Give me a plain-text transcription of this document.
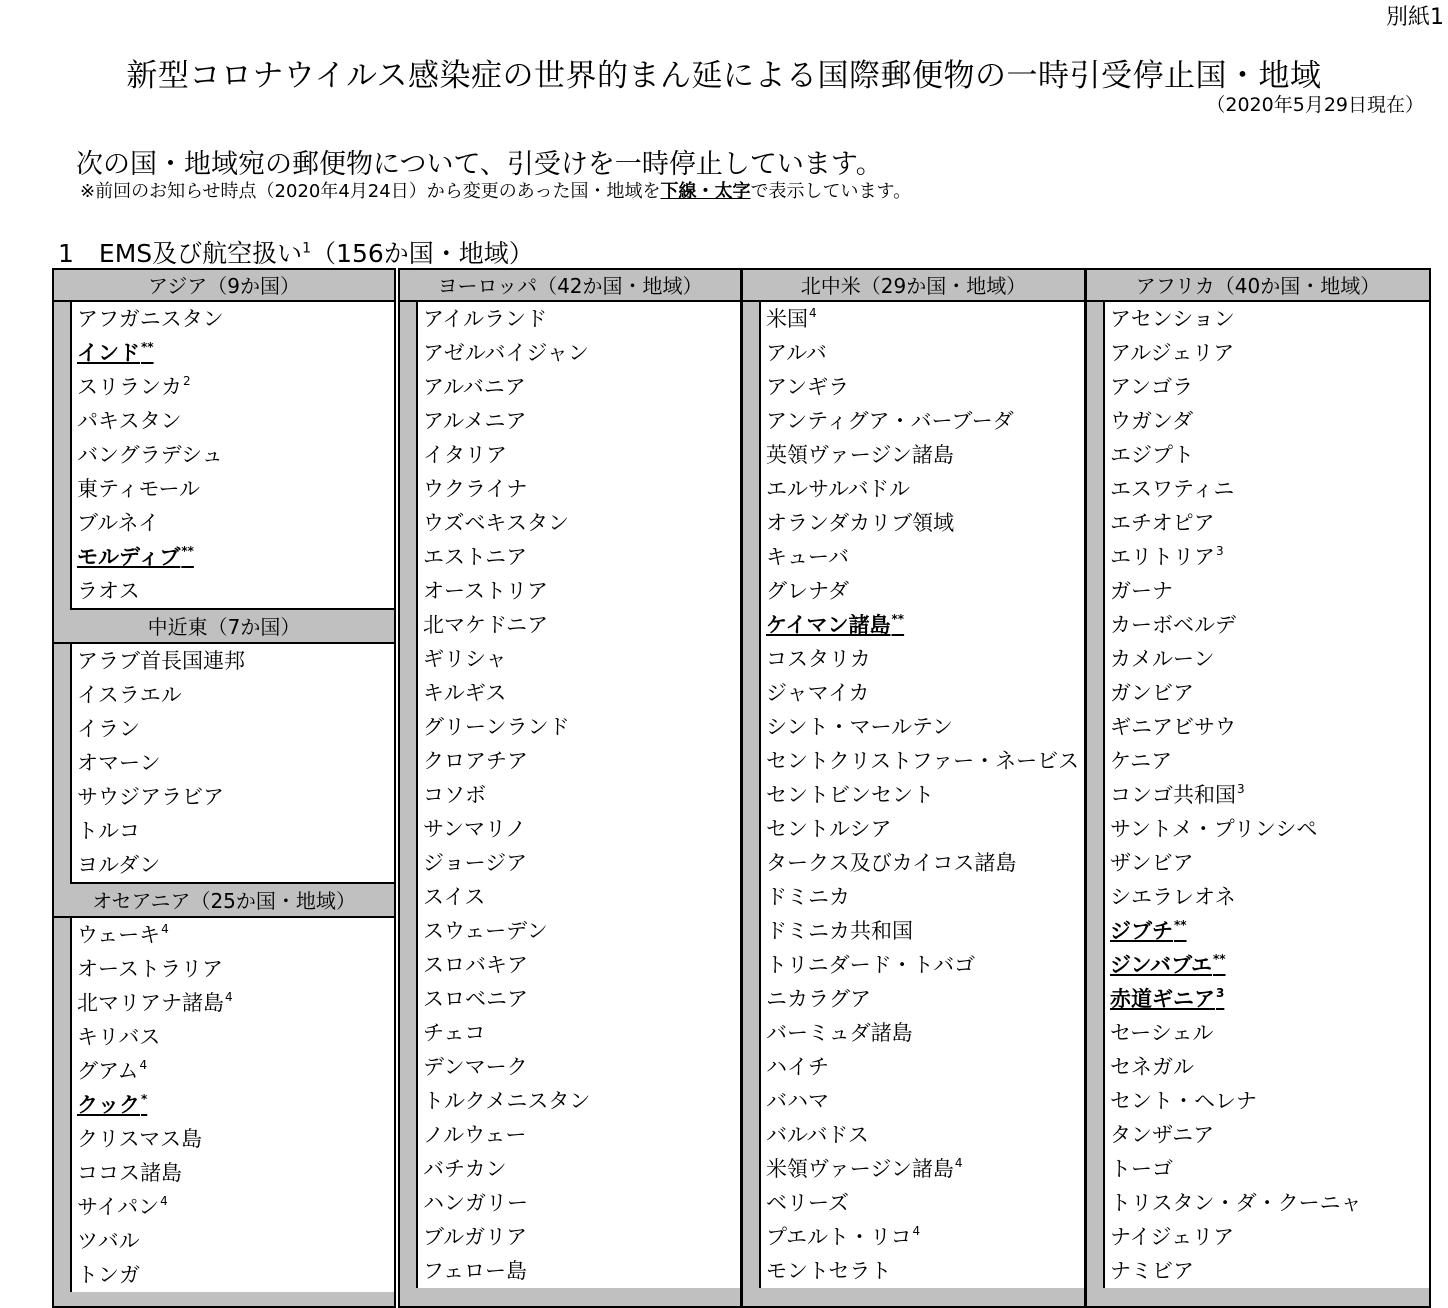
別紙1
新型コロナウイルス感染症の世界的まん延による国際郵便物の一時引受停止国・地域
（2020年5月29日現在）
次の国・地域宛の郵便物について、引受けを一時停止しています。
※前回のお知らせ時点（2020年4月24日）から変更のあった国・地域を下線・太字で表示しています。
1　EMS及び航空扱い$^1$（156か国・地域）
アジア（9か国）
アフガニスタン
インド**
スリランカ$^2$
パキスタン
バングラデシュ
東ティモール
ブルネイ
モルディブ**
ラオス
中近東（7か国）
アラブ首長国連邦
イスラエル
イラン
オマーン
サウジアラビア
トルコ
ヨルダン
オセアニア（25か国・地域）
ウェーキ$^4$
オーストラリア
北マリアナ諸島$^4$
キリバス
グアム$^4$
クック*
クリスマス島
ココス諸島
サイパン$^4$
ツバル
トンガ
ヨーロッパ（42か国・地域）
アイルランド
アゼルバイジャン
アルバニア
アルメニア
イタリア
ウクライナ
ウズベキスタン
エストニア
オーストリア
北マケドニア
ギリシャ
キルギス
グリーンランド
クロアチア
コソボ
サンマリノ
ジョージア
スイス
スウェーデン
スロバキア
スロベニア
チェコ
デンマーク
トルクメニスタン
ノルウェー
バチカン
ハンガリー
ブルガリア
フェロー島
北中米（29か国・地域）
米国$^4$
アルバ
アンギラ
アンティグア・バーブーダ
英領ヴァージン諸島
エルサルバドル
オランダカリブ領域
キューバ
グレナダ
ケイマン諸島**
コスタリカ
ジャマイカ
シント・マールテン
セントクリストファー・ネービス
セントビンセント
セントルシア
タークス及びカイコス諸島
ドミニカ
ドミニカ共和国
トリニダード・トバゴ
ニカラグア
バーミュダ諸島
ハイチ
バハマ
バルバドス
米領ヴァージン諸島$^4$
ベリーズ
プエルト・リコ$^4$
モントセラト
アフリカ（40か国・地域）
アセンション
アルジェリア
アンゴラ
ウガンダ
エジプト
エスワティニ
エチオピア
エリトリア$^3$
ガーナ
カーボベルデ
カメルーン
ガンビア
ギニアビサウ
ケニア
コンゴ共和国$^3$
サントメ・プリンシペ
ザンビア
シエラレオネ
ジブチ**
ジンバブエ**
赤道ギニア$^3$
セーシェル
セネガル
セント・ヘレナ
タンザニア
トーゴ
トリスタン・ダ・クーニャ
ナイジェリア
ナミビア
